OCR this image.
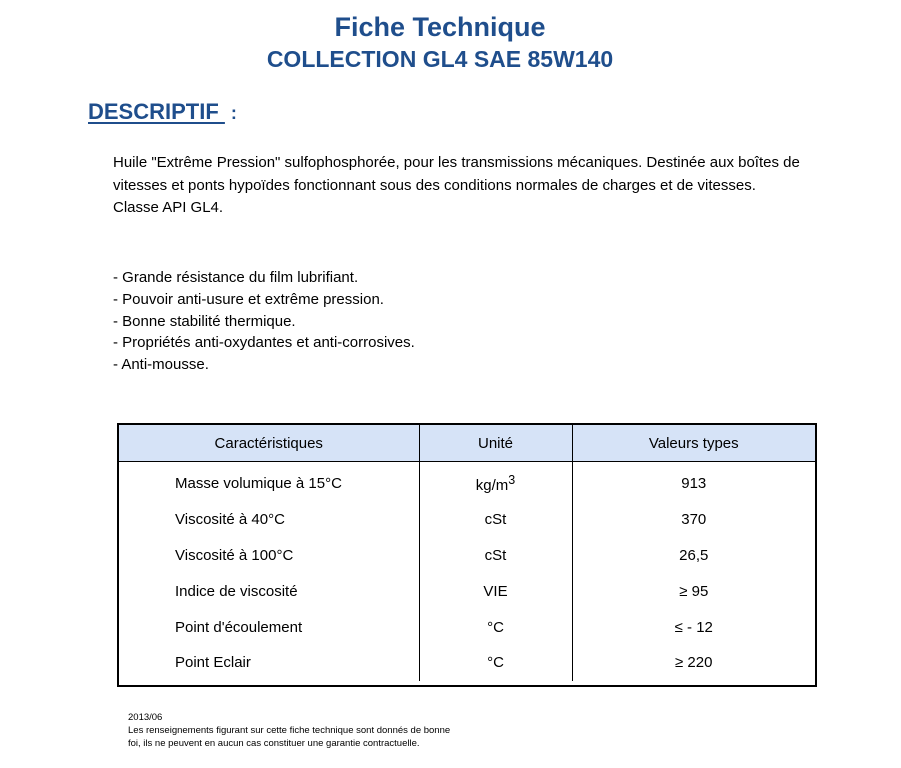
Fiche Technique
COLLECTION GL4 SAE 85W140
DESCRIPTIF :
Huile "Extrême Pression" sulfophosphorée, pour les transmissions mécaniques. Destinée aux boîtes de
vitesses et ponts hypoïdes fonctionnant sous des conditions normales de charges et de vitesses.
Classe API GL4.
- Grande résistance du film lubrifiant.
- Pouvoir anti-usure et extrême pression.
- Bonne stabilité thermique.
- Propriétés anti-oxydantes et anti-corrosives.
- Anti-mousse.
Caractéristiques	Unité	Valeurs types

Masse volumique à 15°C	$kg/m^3$	913
Viscosité à 40°C	cSt	370
Viscosité à 100°C	cSt	26,5
Indice de viscosité	VIE	≥ 95
Point d'écoulement	°C	≤ - 12
Point Eclair	°C	≥ 220
2013/06
Les renseignements figurant sur cette fiche technique sont donnés de bonne
foi, ils ne peuvent en aucun cas constituer une garantie contractuelle.
